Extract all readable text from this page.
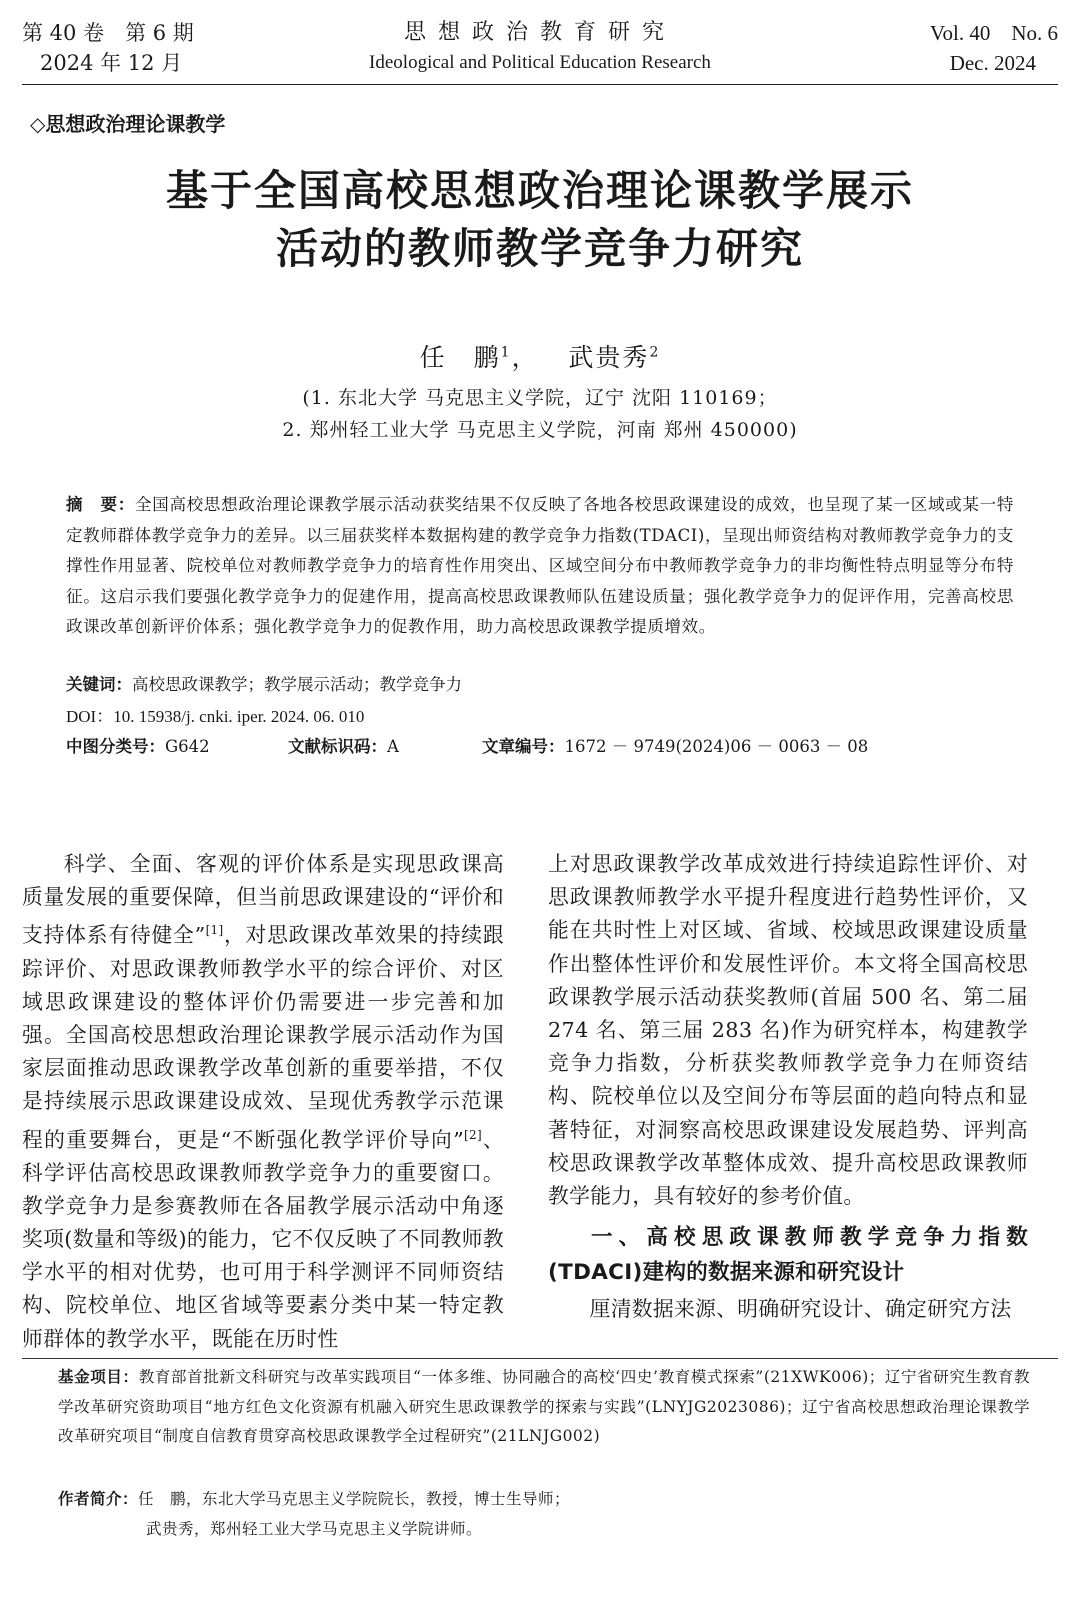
第 40 卷　第 6 期
2024 年 12 月
思想政治教育研究
Ideological and Political Education Research
Vol. 40　No. 6
Dec. 2024
◇思想政治理论课教学
基于全国高校思想政治理论课教学展示
活动的教师教学竞争力研究
任　鹏$^1$， 武贵秀$^2$
(1. 东北大学 马克思主义学院，辽宁 沈阳 110169；
2. 郑州轻工业大学 马克思主义学院，河南 郑州 450000)
摘　要：全国高校思想政治理论课教学展示活动获奖结果不仅反映了各地各校思政课建设的成效，也呈现了某一区域或某一特定教师群体教学竞争力的差异。以三届获奖样本数据构建的教学竞争力指数(TDACI)，呈现出师资结构对教师教学竞争力的支撑性作用显著、院校单位对教师教学竞争力的培育性作用突出、区域空间分布中教师教学竞争力的非均衡性特点明显等分布特征。这启示我们要强化教学竞争力的促建作用，提高高校思政课教师队伍建设质量；强化教学竞争力的促评作用，完善高校思政课改革创新评价体系；强化教学竞争力的促教作用，助力高校思政课教学提质增效。
关键词：高校思政课教学；教学展示活动；教学竞争力
DOI：10. 15938/j. cnki. iper. 2024. 06. 010
中图分类号：G642	文献标识码：A	文章编号：1672 － 9749(2024)06 － 0063 － 08

科学、全面、客观的评价体系是实现思政课高质量发展的重要保障，但当前思政课建设的“评价和支持体系有待健全”[1]，对思政课改革效果的持续跟踪评价、对思政课教师教学水平的综合评价、对区域思政课建设的整体评价仍需要进一步完善和加强。全国高校思想政治理论课教学展示活动作为国家层面推动思政课教学改革创新的重要举措，不仅是持续展示思政课建设成效、呈现优秀教学示范课程的重要舞台，更是“不断强化教学评价导向”[2]、科学评估高校思政课教师教学竞争力的重要窗口。教学竞争力是参赛教师在各届教学展示活动中角逐奖项(数量和等级)的能力，它不仅反映了不同教师教学水平的相对优势，也可用于科学测评不同师资结构、院校单位、地区省域等要素分类中某一特定教师群体的教学水平，既能在历时性

上对思政课教学改革成效进行持续追踪性评价、对思政课教师教学水平提升程度进行趋势性评价，又能在共时性上对区域、省域、校域思政课建设质量作出整体性评价和发展性评价。本文将全国高校思政课教学展示活动获奖教师(首届 500 名、第二届 274 名、第三届 283 名)作为研究样本，构建教学竞争力指数，分析获奖教师教学竞争力在师资结构、院校单位以及空间分布等层面的趋向特点和显著特征，对洞察高校思政课建设发展趋势、评判高校思政课教学改革整体成效、提升高校思政课教师教学能力，具有较好的参考价值。

一、高校思政课教师教学竞争力指数(TDACI)建构的数据来源和研究设计

厘清数据来源、明确研究设计、确定研究方法

基金项目：教育部首批新文科研究与改革实践项目“一体多维、协同融合的高校‘四史’教育模式探索”(21XWK006)；辽宁省研究生教育教学改革研究资助项目“地方红色文化资源有机融入研究生思政课教学的探索与实践”(LNYJG2023086)；辽宁省高校思想政治理论课教学改革研究项目“制度自信教育贯穿高校思政课教学全过程研究”(21LNJG002)
作者简介：任　鹏，东北大学马克思主义学院院长，教授，博士生导师；
武贵秀，郑州轻工业大学马克思主义学院讲师。
